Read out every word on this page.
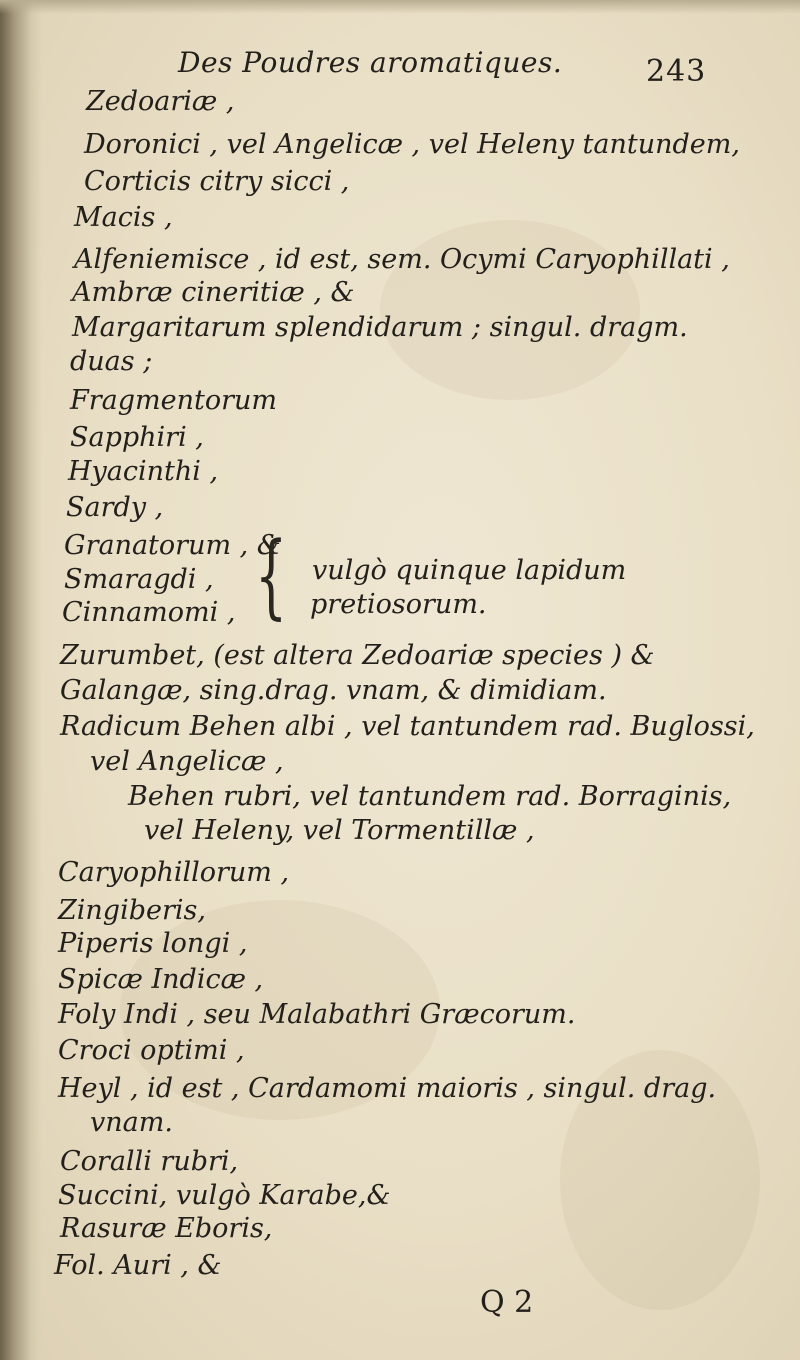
Des Poudres aromatiques.	243
Zedoariæ ,
Doronici , vel Angelicæ , vel Heleny tantundem,
Corticis citry sicci ,
Macis ,
Alfeniemisce , id est, sem. Ocymi Caryophillati ,
Ambræ cineritiæ , &
Margaritarum splendidarum ; singul. dragm.
duas ;
Fragmentorum
Sapphiri ,
Hyacinthi ,
Sardy ,
Granatorum , &
Smaragdi ,
Cinnamomi , { vulgò quinque lapidum
pretiosorum.
Zurumbet, (est altera Zedoariæ species ) &
Galangæ, sing.drag. vnam, & dimidiam.
Radicum Behen albi , vel tantundem rad. Buglossi,
vel Angelicæ ,
Behen rubri, vel tantundem rad. Borraginis,
vel Heleny, vel Tormentillæ ,
Caryophillorum ,
Zingiberis,
Piperis longi ,
Spicæ Indicæ ,
Foly Indi , seu Malabathri Græcorum.
Croci optimi ,
Heyl , id est , Cardamomi maioris , singul. drag.
vnam.
Coralli rubri,
Succini, vulgò Karabe,&
Rasuræ Eboris,
Fol. Auri , &
Q 2
